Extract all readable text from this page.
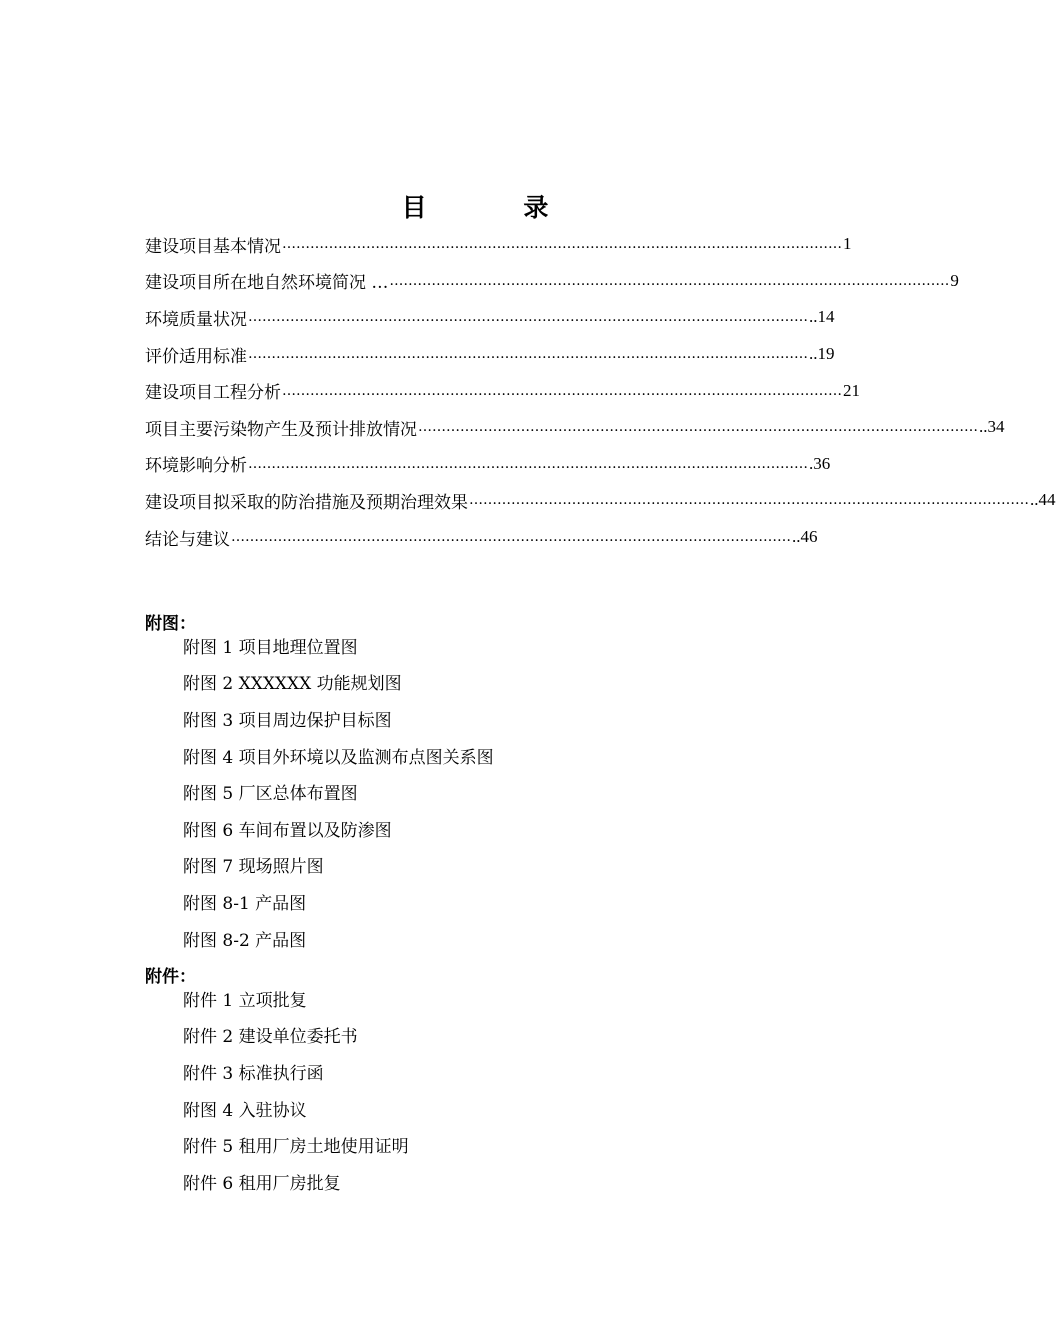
目 录
建设项目基本情况 ………………………………………………………………………………………………………… 1
建设项目所在地自然环境简况 … ………………………………………………………………………………………………………… 9
环境质量状况 ………………………………………………………………………………………………………… ..14
评价适用标准 ………………………………………………………………………………………………………… ..19
建设项目工程分析 ………………………………………………………………………………………………………… 21
项目主要污染物产生及预计排放情况 ………………………………………………………………………………………………………… ..34
环境影响分析 ………………………………………………………………………………………………………… .36
建设项目拟采取的防治措施及预期治理效果 ………………………………………………………………………………………………………… ..44
结论与建议 ………………………………………………………………………………………………………… ..46
附图：
附图 1 项目地理位置图
附图 2 XXXXXX 功能规划图
附图 3 项目周边保护目标图
附图 4 项目外环境以及监测布点图关系图
附图 5 厂区总体布置图
附图 6 车间布置以及防渗图
附图 7 现场照片图
附图 8-1 产品图
附图 8-2 产品图
附件：
附件 1 立项批复
附件 2 建设单位委托书
附件 3 标准执行函
附图 4 入驻协议
附件 5 租用厂房土地使用证明
附件 6 租用厂房批复
